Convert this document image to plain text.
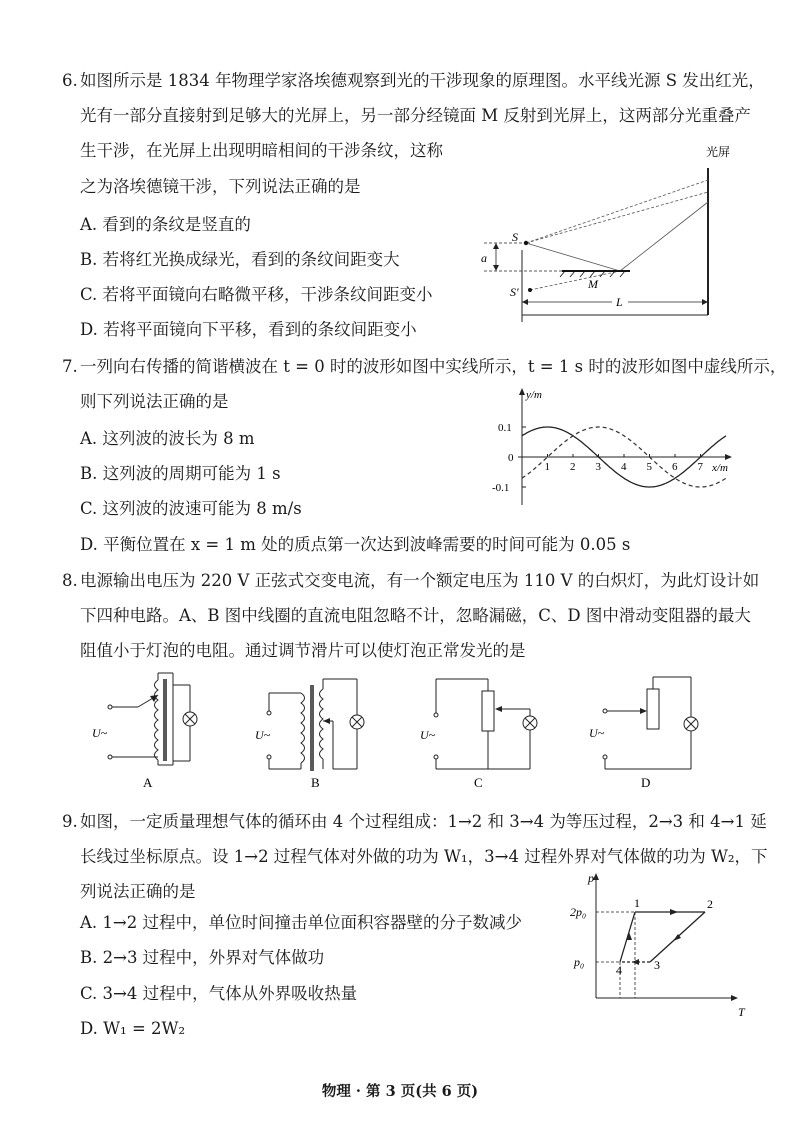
6. 如图所示是 1834 年物理学家洛埃德观察到光的干涉现象的原理图。水平线光源 S 发出红光，
光有一部分直接射到足够大的光屏上，另一部分经镜面 M 反射到光屏上，这两部分光重叠产
生干涉，在光屏上出现明暗相间的干涉条纹，这称
之为洛埃德镜干涉，下列说法正确的是
A. 看到的条纹是竖直的
B. 若将红光换成绿光，看到的条纹间距变大
C. 若将平面镜向右略微平移，干涉条纹间距变小
D. 若将平面镜向下平移，看到的条纹间距变小
光屏
S
S′
a
M
L
7. 一列向右传播的简谐横波在 t = 0 时的波形如图中实线所示，t = 1 s 时的波形如图中虚线所示，
则下列说法正确的是
A. 这列波的波长为 8 m
B. 这列波的周期可能为 1 s
C. 这列波的波速可能为 8 m/s
D. 平衡位置在 x = 1 m 处的质点第一次达到波峰需要的时间可能为 0.05 s
y/m
x/m
1 2 3 4 5 6 7
0.1
0
-0.1
8. 电源输出电压为 220 V 正弦式交变电流，有一个额定电压为 110 V 的白炽灯，为此灯设计如
下四种电路。A、B 图中线圈的直流电阻忽略不计，忽略漏磁，C、D 图中滑动变阻器的最大
阻值小于灯泡的电阻。通过调节滑片可以使灯泡正常发光的是
U~
A
U~
B
U~
C
U~
D
9. 如图，一定质量理想气体的循环由 4 个过程组成：1→2 和 3→4 为等压过程，2→3 和 4→1 延
长线过坐标原点。设 1→2 过程气体对外做的功为 W₁，3→4 过程外界对气体做的功为 W₂，下
列说法正确的是
A. 1→2 过程中，单位时间撞击单位面积容器壁的分子数减少
B. 2→3 过程中，外界对气体做功
C. 3→4 过程中，气体从外界吸收热量
D. W₁ = 2W₂
p
T
2p₀
p₀
1	2
3
4
物理 · 第 3 页(共 6 页)
